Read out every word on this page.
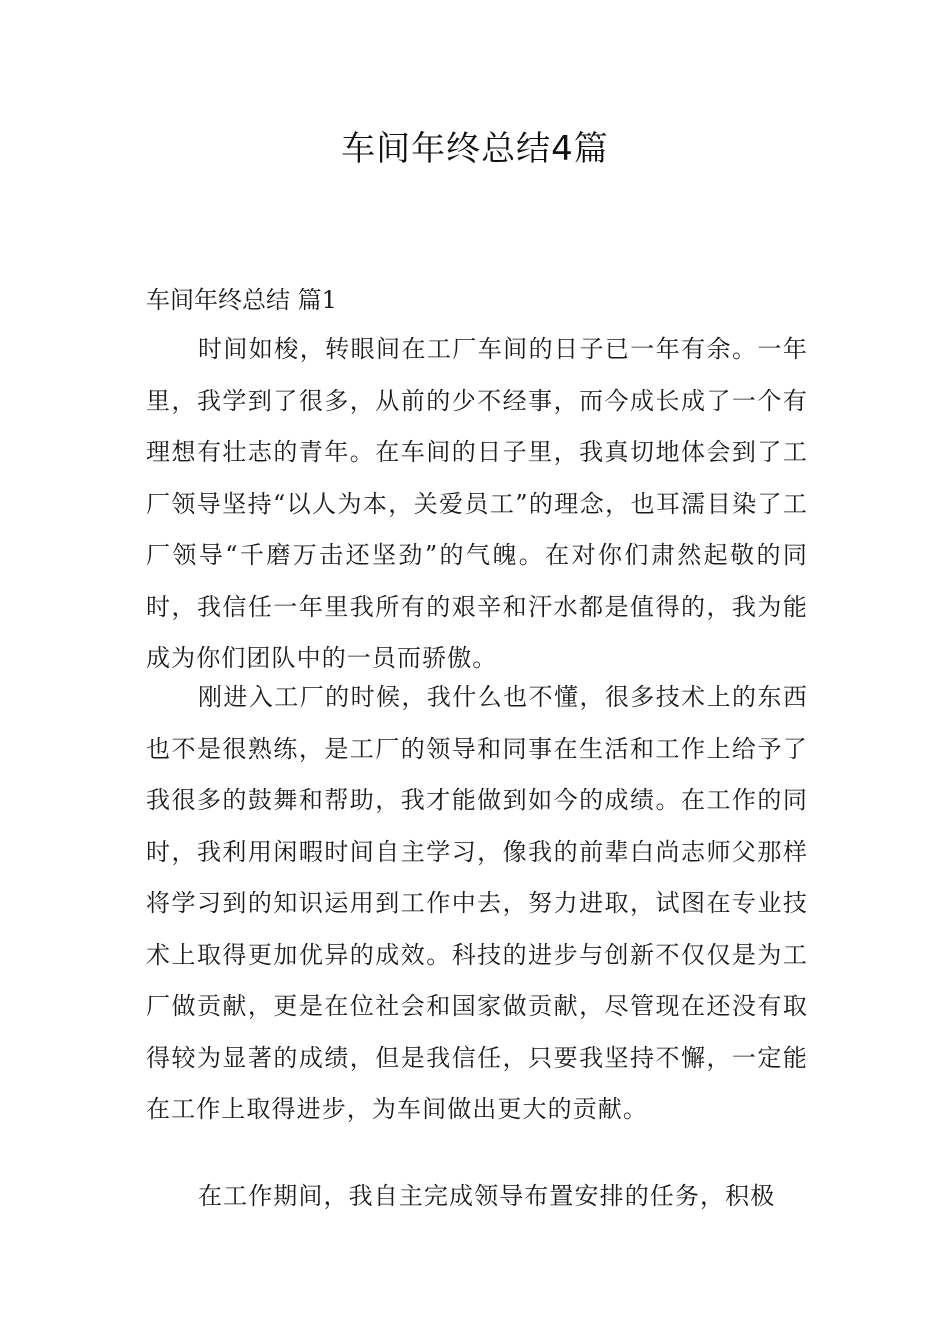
车间年终总结4篇
车间年终总结 篇1

时间如梭，转眼间在工厂车间的日子已一年有余。一年里，我学到了很多，从前的少不经事，而今成长成了一个有理想有壮志的青年。在车间的日子里，我真切地体会到了工厂领导坚持“以人为本，关爱员工”的理念，也耳濡目染了工厂领导“千磨万击还坚劲”的气魄。在对你们肃然起敬的同时，我信任一年里我所有的艰辛和汗水都是值得的，我为能成为你们团队中的一员而骄傲。

刚进入工厂的时候，我什么也不懂，很多技术上的东西也不是很熟练，是工厂的领导和同事在生活和工作上给予了我很多的鼓舞和帮助，我才能做到如今的成绩。在工作的同时，我利用闲暇时间自主学习，像我的前辈白尚志师父那样将学习到的知识运用到工作中去，努力进取，试图在专业技术上取得更加优异的成效。科技的进步与创新不仅仅是为工厂做贡献，更是在位社会和国家做贡献，尽管现在还没有取得较为显著的成绩，但是我信任，只要我坚持不懈，一定能在工作上取得进步，为车间做出更大的贡献。

在工作期间，我自主完成领导布置安排的任务，积极
